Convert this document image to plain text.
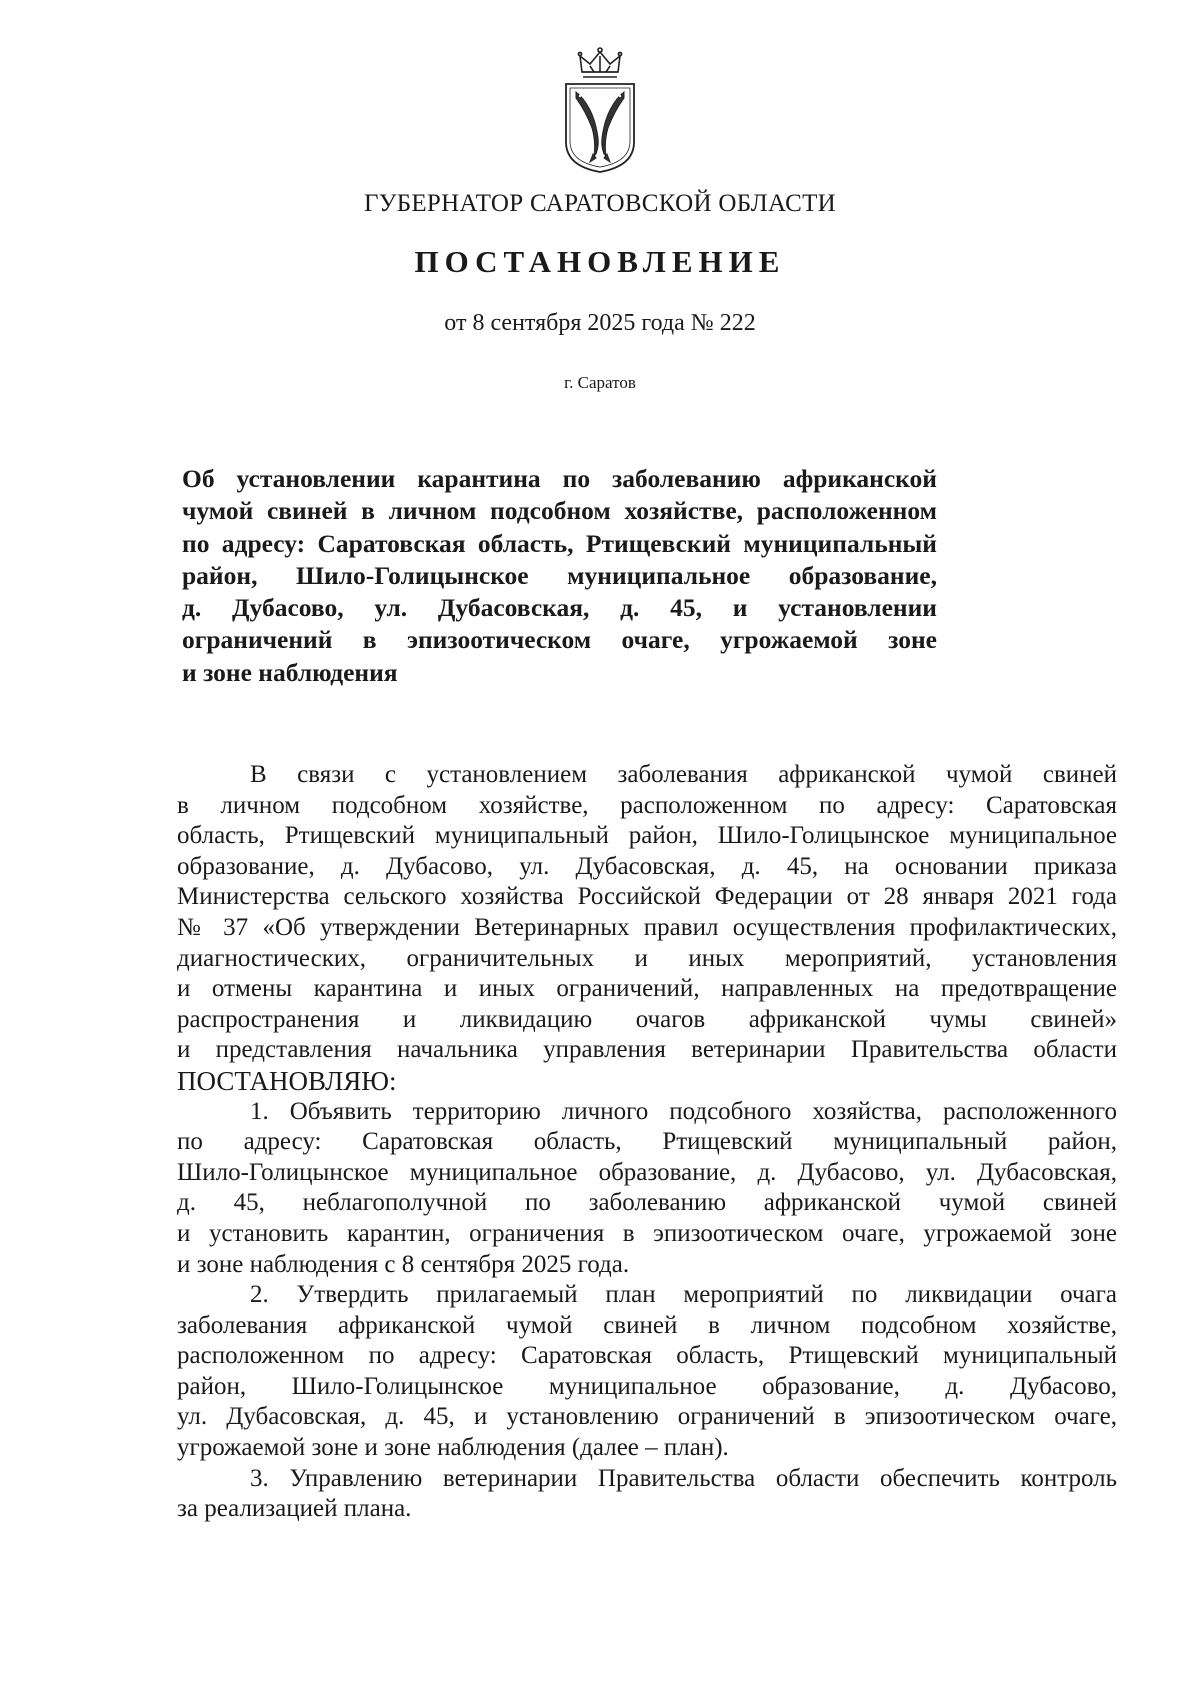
ГУБЕРНАТОР САРАТОВСКОЙ ОБЛАСТИ
ПОСТАНОВЛЕНИЕ
от 8 сентября 2025 года № 222
г. Саратов
Об установлении карантина по заболеванию африканской
чумой свиней в личном подсобном хозяйстве, расположенном
по адресу: Саратовская область, Ртищевский муниципальный
район, Шило-Голицынское муниципальное образование,
д. Дубасово, ул. Дубасовская, д. 45, и установлении
ограничений в эпизоотическом очаге, угрожаемой зоне
и зоне наблюдения
В связи с установлением заболевания африканской чумой свиней
в личном подсобном хозяйстве, расположенном по адресу: Саратовская
область, Ртищевский муниципальный район, Шило-Голицынское муниципальное
образование, д. Дубасово, ул. Дубасовская, д. 45, на основании приказа
Министерства сельского хозяйства Российской Федерации от 28 января 2021 года
№ 37 «Об утверждении Ветеринарных правил осуществления профилактических,
диагностических, ограничительных и иных мероприятий, установления
и отмены карантина и иных ограничений, направленных на предотвращение
распространения и ликвидацию очагов африканской чумы свиней»
и представления начальника управления ветеринарии Правительства области
ПОСТАНОВЛЯЮ:
1. Объявить территорию личного подсобного хозяйства, расположенного
по адресу: Саратовская область, Ртищевский муниципальный район,
Шило-Голицынское муниципальное образование, д. Дубасово, ул. Дубасовская,
д. 45, неблагополучной по заболеванию африканской чумой свиней
и установить карантин, ограничения в эпизоотическом очаге, угрожаемой зоне
и зоне наблюдения с 8 сентября 2025 года.
2. Утвердить прилагаемый план мероприятий по ликвидации очага
заболевания африканской чумой свиней в личном подсобном хозяйстве,
расположенном по адресу: Саратовская область, Ртищевский муниципальный
район, Шило-Голицынское муниципальное образование, д. Дубасово,
ул. Дубасовская, д. 45, и установлению ограничений в эпизоотическом очаге,
угрожаемой зоне и зоне наблюдения (далее – план).
3. Управлению ветеринарии Правительства области обеспечить контроль
за реализацией плана.
